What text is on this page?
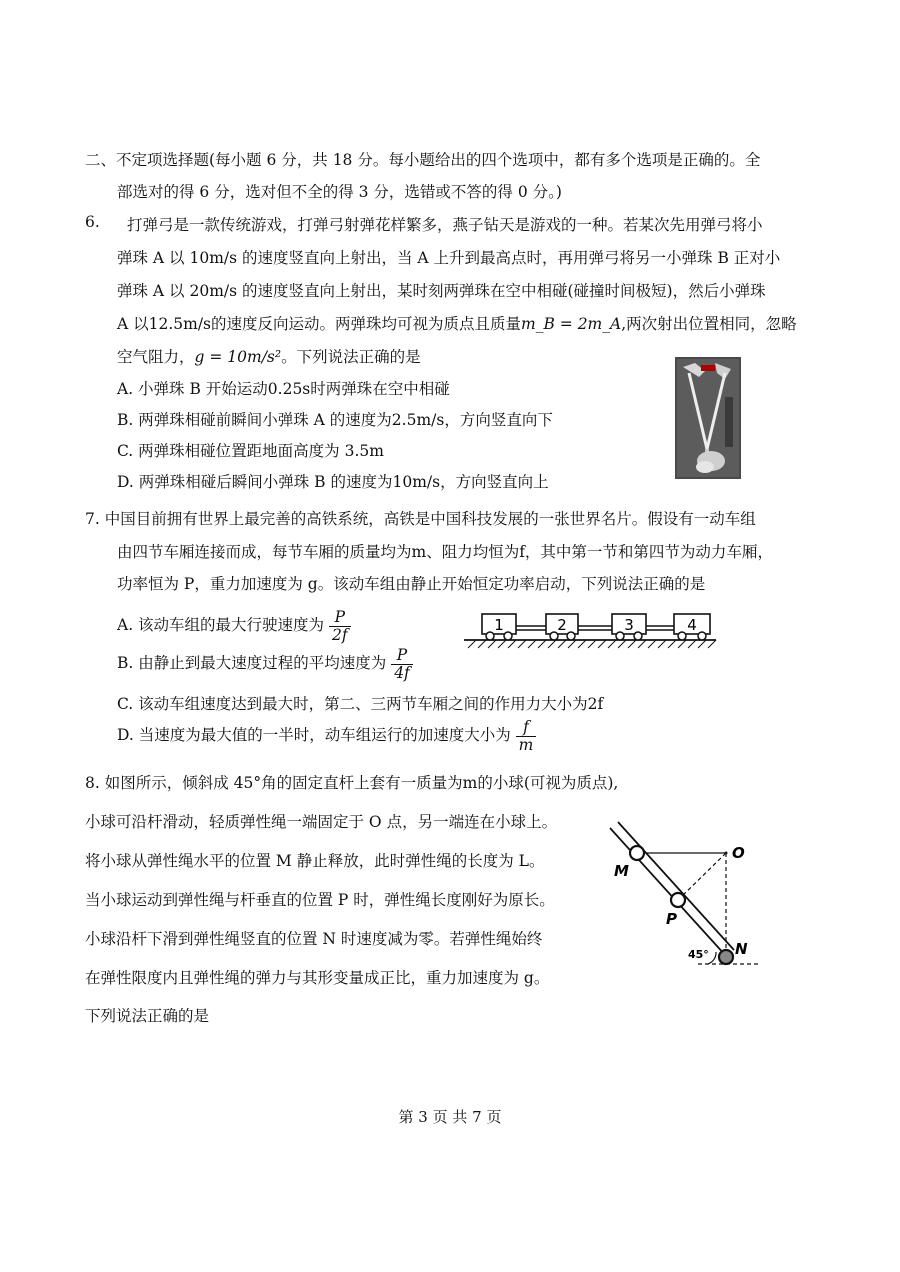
二、不定项选择题(每小题 6 分，共 18 分。每小题给出的四个选项中，都有多个选项是正确的。全
部选对的得 6 分，选对但不全的得 3 分，选错或不答的得 0 分。)
6. 打弹弓是一款传统游戏，打弹弓射弹花样繁多，燕子钻天是游戏的一种。若某次先用弹弓将小
弹珠 A 以 10m/s 的速度竖直向上射出，当 A 上升到最高点时，再用弹弓将另一小弹珠 B 正对小
弹珠 A 以 20m/s 的速度竖直向上射出，某时刻两弹珠在空中相碰(碰撞时间极短)，然后小弹珠
A 以12.5m/s的速度反向运动。两弹珠均可视为质点且质量m_B = 2m_A,两次射出位置相同，忽略
空气阻力，g = 10m/s²。下列说法正确的是
A. 小弹珠 B 开始运动0.25s时两弹珠在空中相碰
B. 两弹珠相碰前瞬间小弹珠 A 的速度为2.5m/s，方向竖直向下
C. 两弹珠相碰位置距地面高度为 3.5m
D. 两弹珠相碰后瞬间小弹珠 B 的速度为10m/s，方向竖直向上
7. 中国目前拥有世界上最完善的高铁系统，高铁是中国科技发展的一张世界名片。假设有一动车组
由四节车厢连接而成，每节车厢的质量均为m、阻力均恒为f，其中第一节和第四节为动力车厢，
功率恒为 P，重力加速度为 g。该动车组由静止开始恒定功率启动，下列说法正确的是
A. 该动车组的最大行驶速度为 $\frac{P}{2f}$
B. 由静止到最大速度过程的平均速度为 $\frac{P}{4f}$
C. 该动车组速度达到最大时，第二、三两节车厢之间的作用力大小为2f
D. 当速度为最大值的一半时，动车组运行的加速度大小为 $\frac{f}{m}$
1	2	3	4
8. 如图所示，倾斜成 45°角的固定直杆上套有一质量为m的小球(可视为质点),
小球可沿杆滑动，轻质弹性绳一端固定于 O 点，另一端连在小球上。
将小球从弹性绳水平的位置 M 静止释放，此时弹性绳的长度为 L。
当小球运动到弹性绳与杆垂直的位置 P 时，弹性绳长度刚好为原长。
小球沿杆下滑到弹性绳竖直的位置 N 时速度减为零。若弹性绳始终
在弹性限度内且弹性绳的弹力与其形变量成正比，重力加速度为 g。
下列说法正确的是
O
M
P
N
45°
第 3 页 共 7 页
